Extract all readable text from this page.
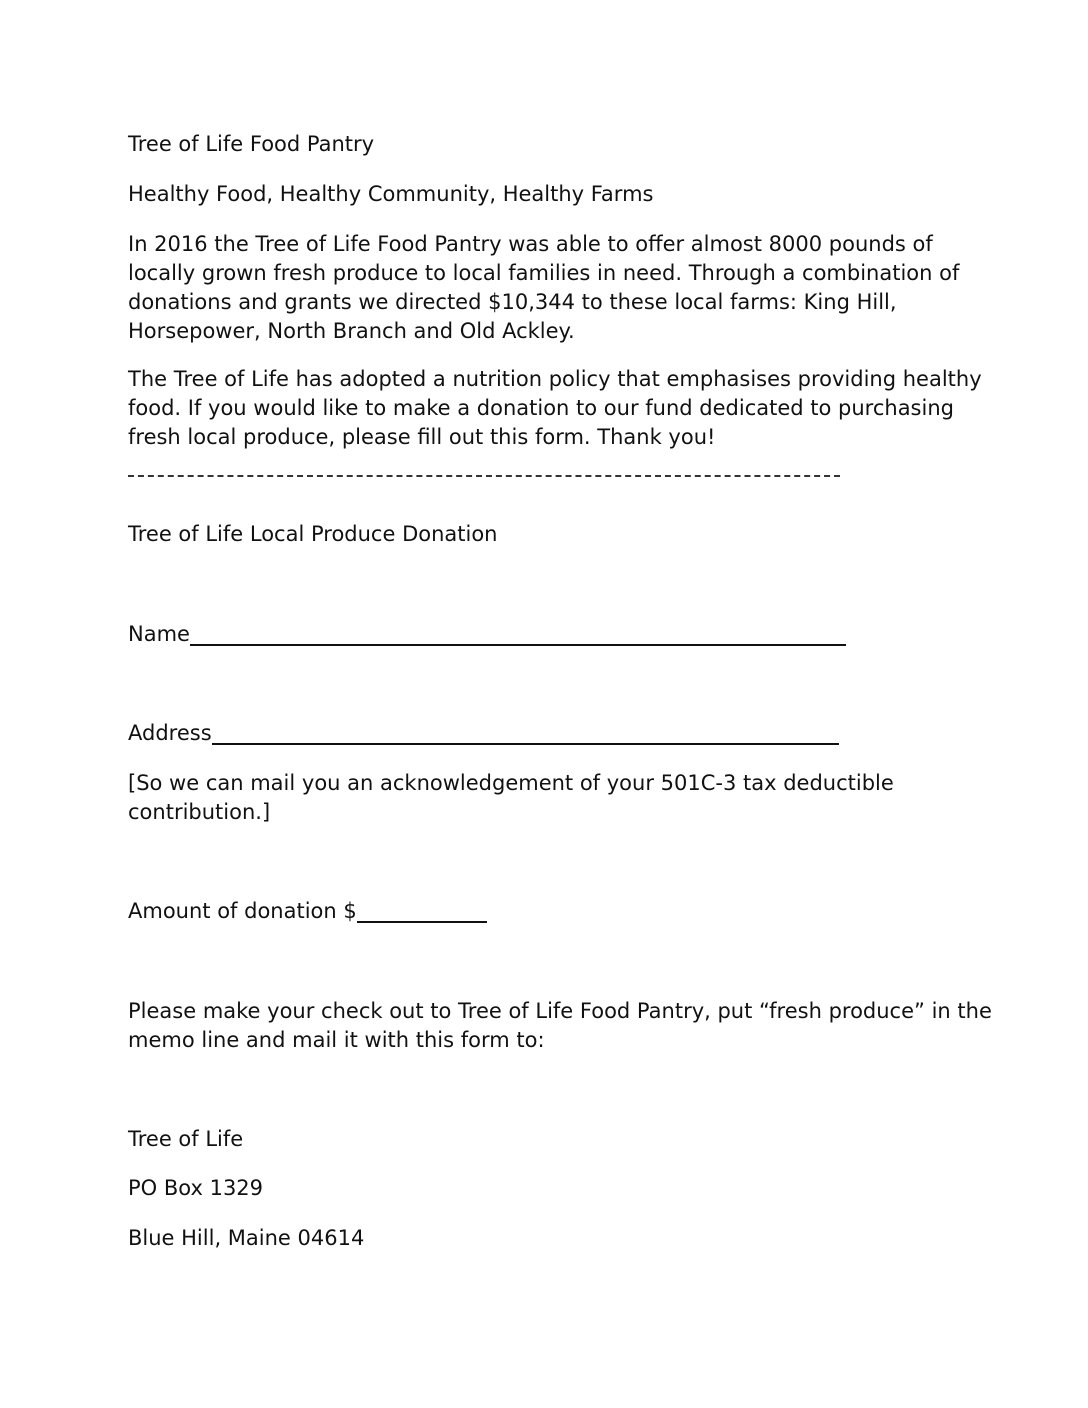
Tree of Life Food Pantry
Healthy Food, Healthy Community, Healthy Farms
In 2016 the Tree of Life Food Pantry was able to offer almost 8000 pounds of
locally grown fresh produce to local families in need. Through a combination of
donations and grants we directed $10,344 to these local farms: King Hill,
Horsepower, North Branch and Old Ackley.
The Tree of Life has adopted a nutrition policy that emphasises providing healthy
food. If you would like to make a donation to our fund dedicated to purchasing
fresh local produce, please fill out this form. Thank you!
Tree of Life Local Produce Donation
Name
Address
[So we can mail you an acknowledgement of your 501C-3 tax deductible
contribution.]
Amount of donation $
Please make your check out to Tree of Life Food Pantry, put “fresh produce” in the
memo line and mail it with this form to:
Tree of Life
PO Box 1329
Blue Hill, Maine 04614
